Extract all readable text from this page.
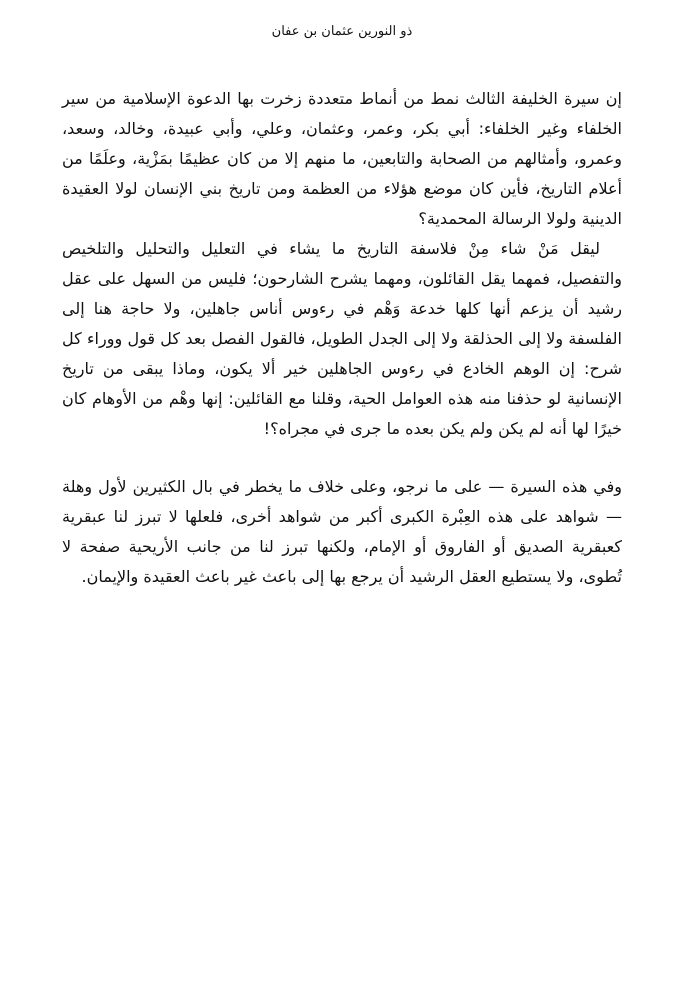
ذو النورين عثمان بن عفان

إن سيرة الخليفة الثالث نمط من أنماط متعددة زخرت بها الدعوة الإسلامية من سير الخلفاء وغير الخلفاء: أبي بكر، وعمر، وعثمان، وعلي، وأبي عبيدة، وخالد، وسعد، وعمرو، وأمثالهم من الصحابة والتابعين، ما منهم إلا من كان عظيمًا بمَزْية، وعلَمًا من أعلام التاريخ، فأين كان موضع هؤلاء من العظمة ومن تاريخ بني الإنسان لولا العقيدة الدينية ولولا الرسالة المحمدية؟

ليقل مَنْ شاء مِنْ فلاسفة التاريخ ما يشاء في التعليل والتحليل والتلخيص والتفصيل، فمهما يقل القائلون، ومهما يشرح الشارحون؛ فليس من السهل على عقل رشيد أن يزعم أنها كلها خدعة وَهْم في رءوس أناس جاهلين، ولا حاجة هنا إلى الفلسفة ولا إلى الحذلقة ولا إلى الجدل الطويل، فالقول الفصل بعد كل قول ووراء كل شرح: إن الوهم الخادع في رءوس الجاهلين خير ألا يكون، وماذا يبقى من تاريخ الإنسانية لو حذفنا منه هذه العوامل الحية، وقلنا مع القائلين: إنها وهْم من الأوهام كان خيرًا لها أنه لم يكن ولم يكن بعده ما جرى في مجراه؟!

وفي هذه السيرة — على ما نرجو، وعلى خلاف ما يخطر في بال الكثيرين لأول وهلة — شواهد على هذه العِبْرة الكبرى أكبر من شواهد أخرى، فلعلها لا تبرز لنا عبقرية كعبقرية الصديق أو الفاروق أو الإمام، ولكنها تبرز لنا من جانب الأريحية صفحة لا تُطوى، ولا يستطيع العقل الرشيد أن يرجع بها إلى باعث غير باعث العقيدة والإيمان.
